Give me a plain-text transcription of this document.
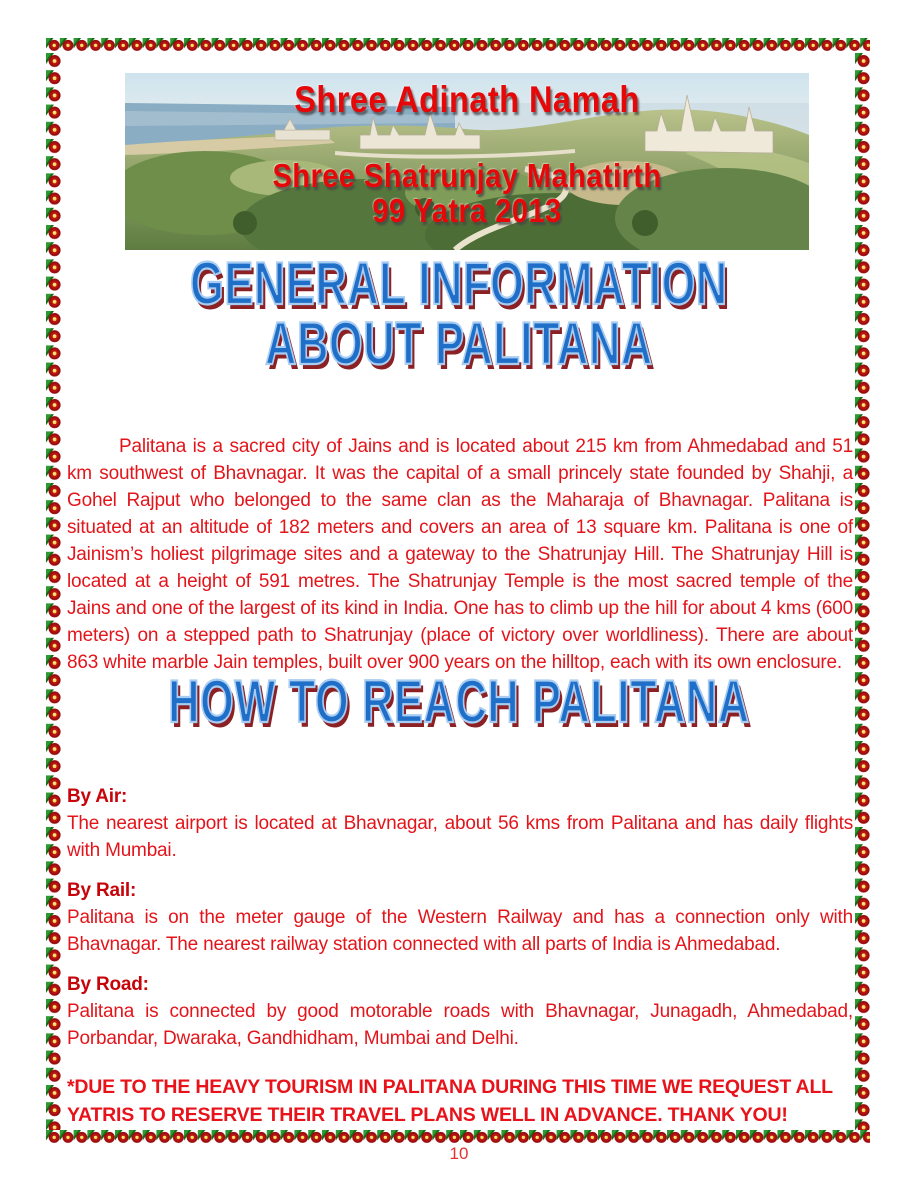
Shree Adinath Namah
Shree Shatrunjay Mahatirth
99 Yatra 2013
GENERAL INFORMATION
ABOUT PALITANA

Palitana is a sacred city of Jains and is located about 215 km from Ahmedabad and 51 km southwest of Bhavnagar. It was the capital of a small princely state founded by Shahji, a Gohel Rajput who belonged to the same clan as the Maharaja of Bhavnagar. Palitana is situated at an altitude of 182 meters and covers an area of 13 square km. Palitana is one of Jainism’s holiest pilgrimage sites and a gateway to the Shatrunjay Hill. The Shatrunjay Hill is located at a height of 591 metres. The Shatrunjay Temple is the most sacred temple of the Jains and one of the largest of its kind in India. One has to climb up the hill for about 4 kms (600 meters) on a stepped path to Shatrunjay (place of victory over worldliness). There are about 863 white marble Jain temples, built over 900 years on the hilltop, each with its own enclosure.

HOW TO REACH PALITANA
By Air:
The nearest airport is located at Bhavnagar, about 56 kms from Palitana and has daily flights with Mumbai.
By Rail:
Palitana is on the meter gauge of the Western Railway and has a connection only with Bhavnagar. The nearest railway station connected with all parts of India is Ahmedabad.
By Road:
Palitana is connected by good motorable roads with Bhavnagar, Junagadh, Ahmedabad, Porbandar, Dwaraka, Gandhidham, Mumbai and Delhi.

*DUE TO THE HEAVY TOURISM IN PALITANA DURING THIS TIME WE REQUEST ALL YATRIS TO RESERVE THEIR TRAVEL PLANS WELL IN ADVANCE. THANK YOU!

10
